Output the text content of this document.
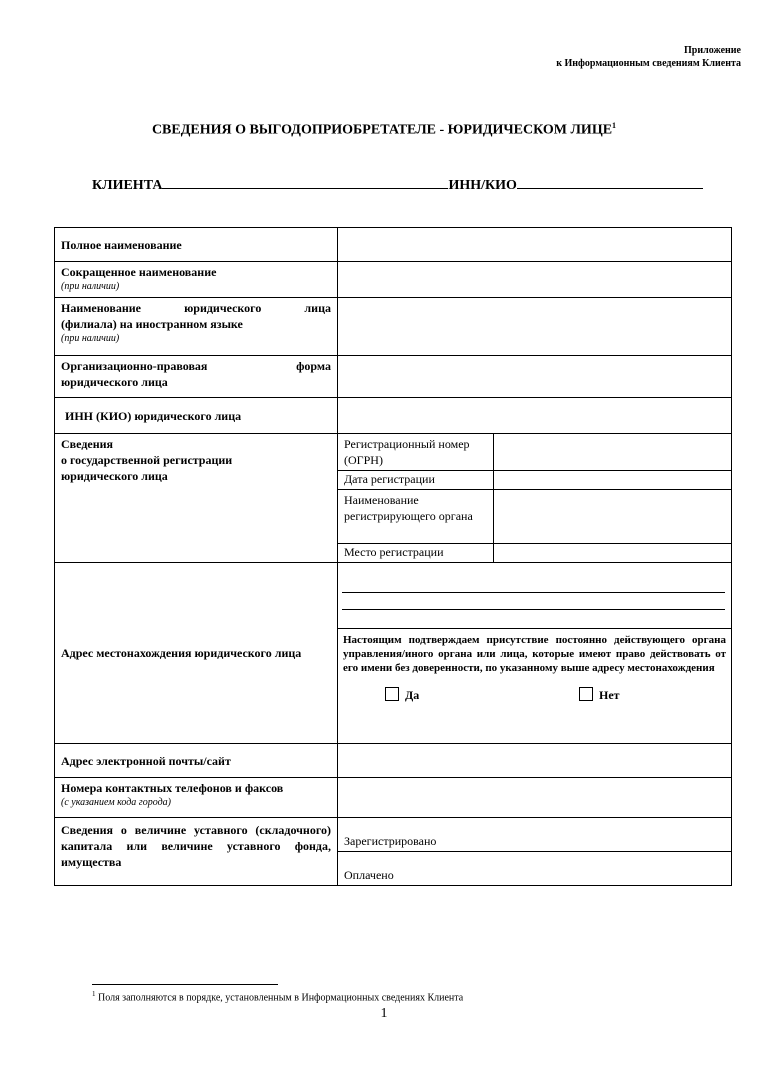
Приложение
к Информационным сведениям Клиента
СВЕДЕНИЯ О ВЫГОДОПРИОБРЕТАТЕЛЕ - ЮРИДИЧЕСКОМ ЛИЦЕ$^1$
КЛИЕНТА	ИНН/КИО
Полное наименование		
Сокращенное наименование
(при наличии)		

Наименование юридического лица
(филиала) на иностранном языке
(при наличии)		

Организационно-правовая форма
юридического лица		

ИНН (КИО) юридического лица		

Сведения
о государственной регистрации
юридического лица	Регистрационный номер (ОГРН)	
	Дата регистрации	
	Наименование регистрирующего органа	
	Место регистрации	
Адрес местонахождения юридического лица		

	Настоящим подтверждаем присутствие постоянно действующего органа управления/иного органа или лица, которые имеют право действовать от его имени без доверенности, по указанному выше адресу местонахождения
Да Нет	

Адрес электронной почты/сайт		
Номера контактных телефонов и факсов
(с указанием кода города)		

Сведения о величине уставного (складочного) капитала или величине уставного фонда, имущества	Зарегистрировано	
	Оплачено	
$^1$ Поля заполняются в порядке, установленным в Информационных сведениях Клиента
1
